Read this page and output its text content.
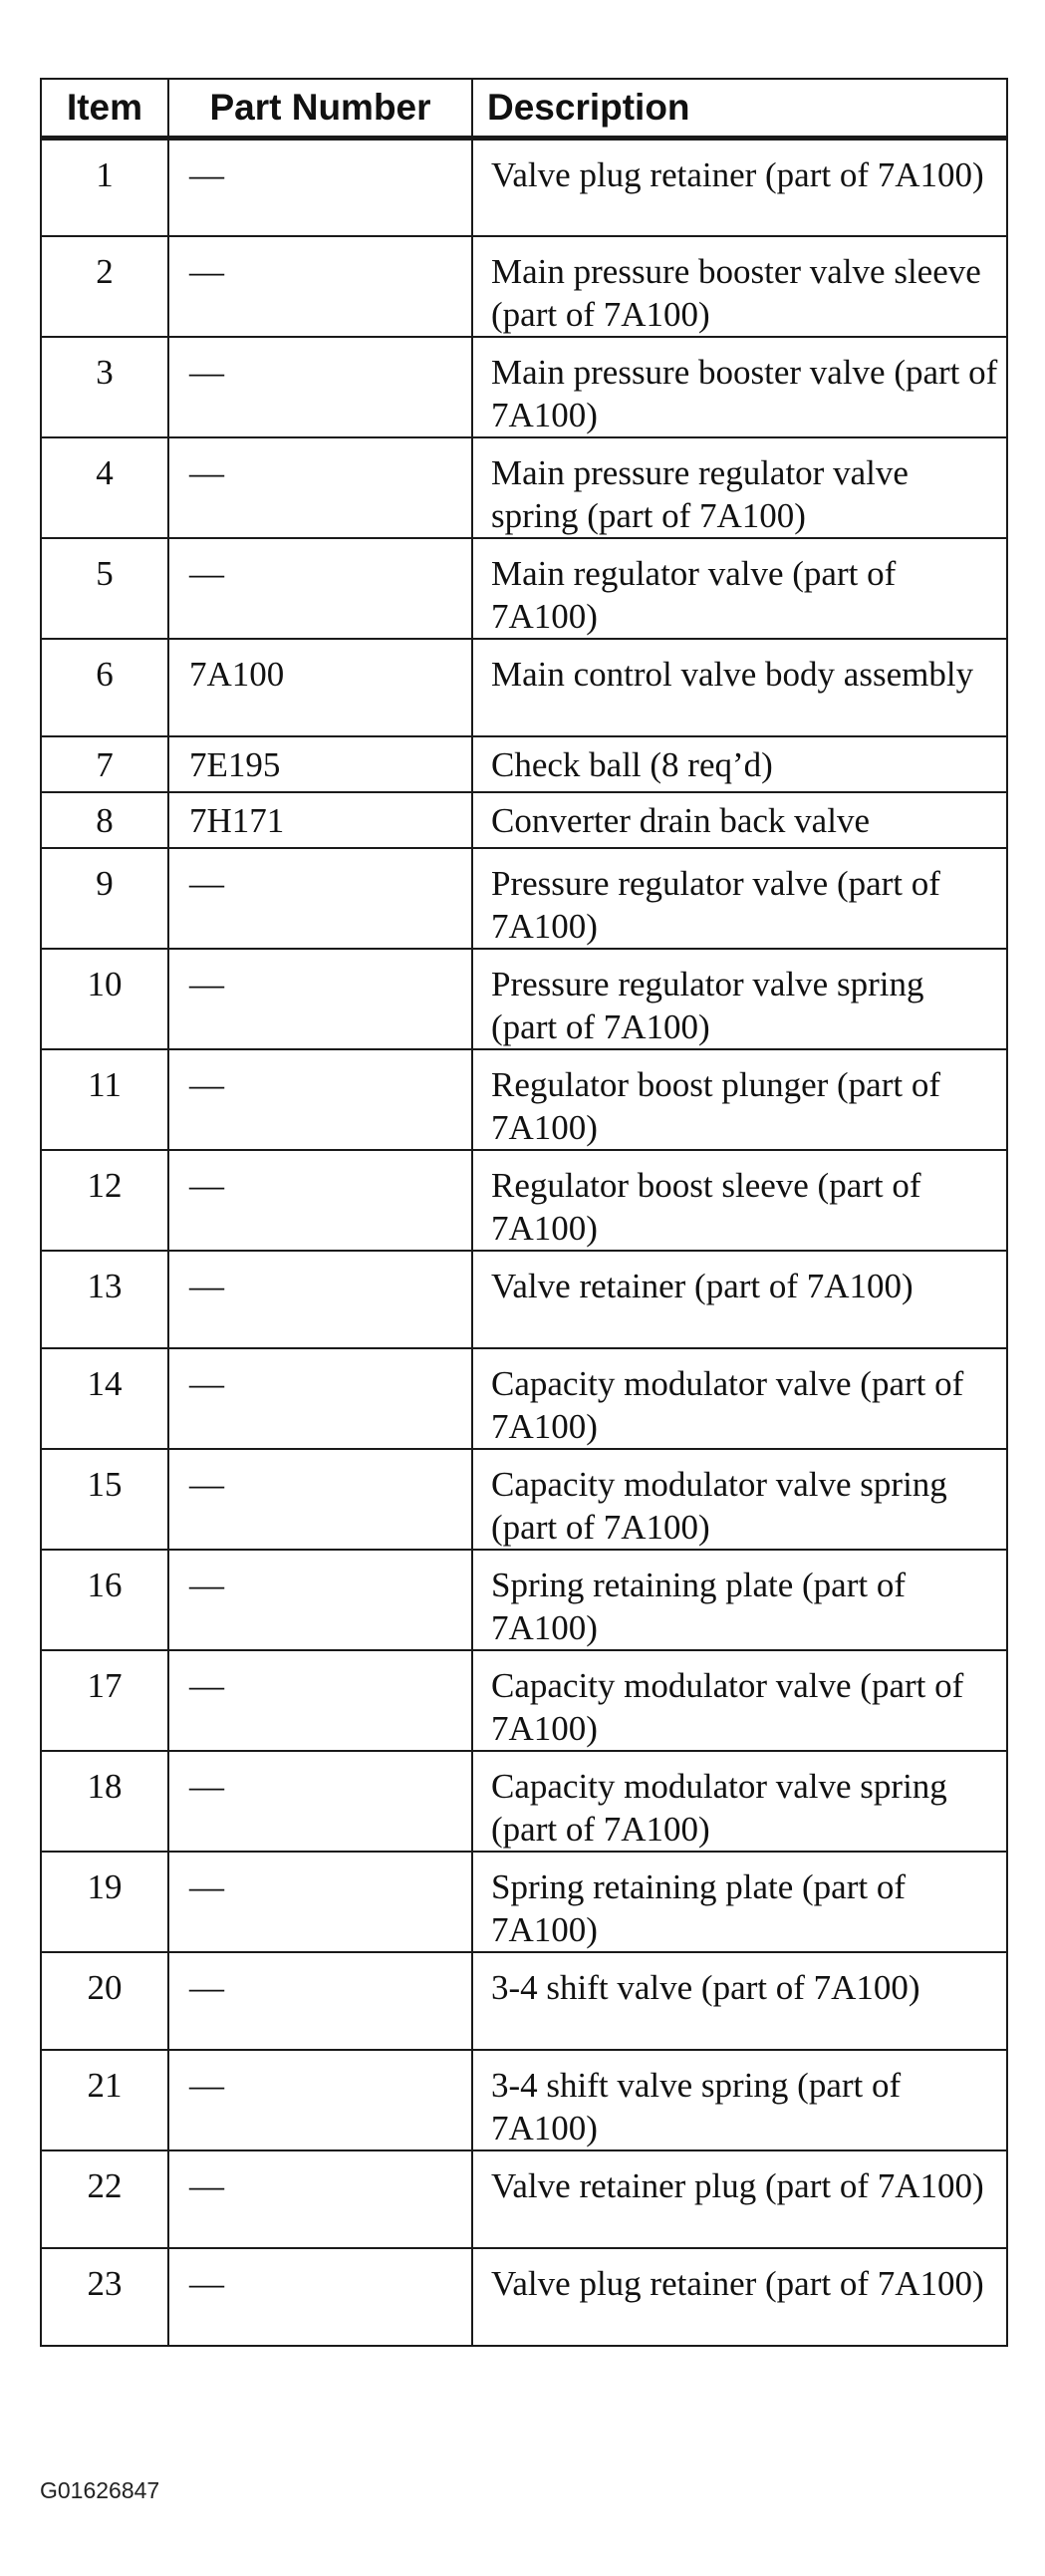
Item	Part Number	Description
1	—	Valve plug retainer (part of 7A100)
2	—	Main pressure booster valve sleeve (part of 7A100)
3	—	Main pressure booster valve (part of 7A100)
4	—	Main pressure regulator valve spring (part of 7A100)
5	—	Main regulator valve (part of 7A100)
6	7A100	Main control valve body assembly
7	7E195	Check ball (8 req’d)
8	7H171	Converter drain back valve
9	—	Pressure regulator valve (part of 7A100)
10	—	Pressure regulator valve spring (part of 7A100)
11	—	Regulator boost plunger (part of 7A100)
12	—	Regulator boost sleeve (part of 7A100)
13	—	Valve retainer (part of 7A100)
14	—	Capacity modulator valve (part of 7A100)
15	—	Capacity modulator valve spring (part of 7A100)
16	—	Spring retaining plate (part of 7A100)
17	—	Capacity modulator valve (part of 7A100)
18	—	Capacity modulator valve spring (part of 7A100)
19	—	Spring retaining plate (part of 7A100)
20	—	3-4 shift valve (part of 7A100)
21	—	3-4 shift valve spring (part of 7A100)
22	—	Valve retainer plug (part of 7A100)
23	—	Valve plug retainer (part of 7A100)
G01626847
